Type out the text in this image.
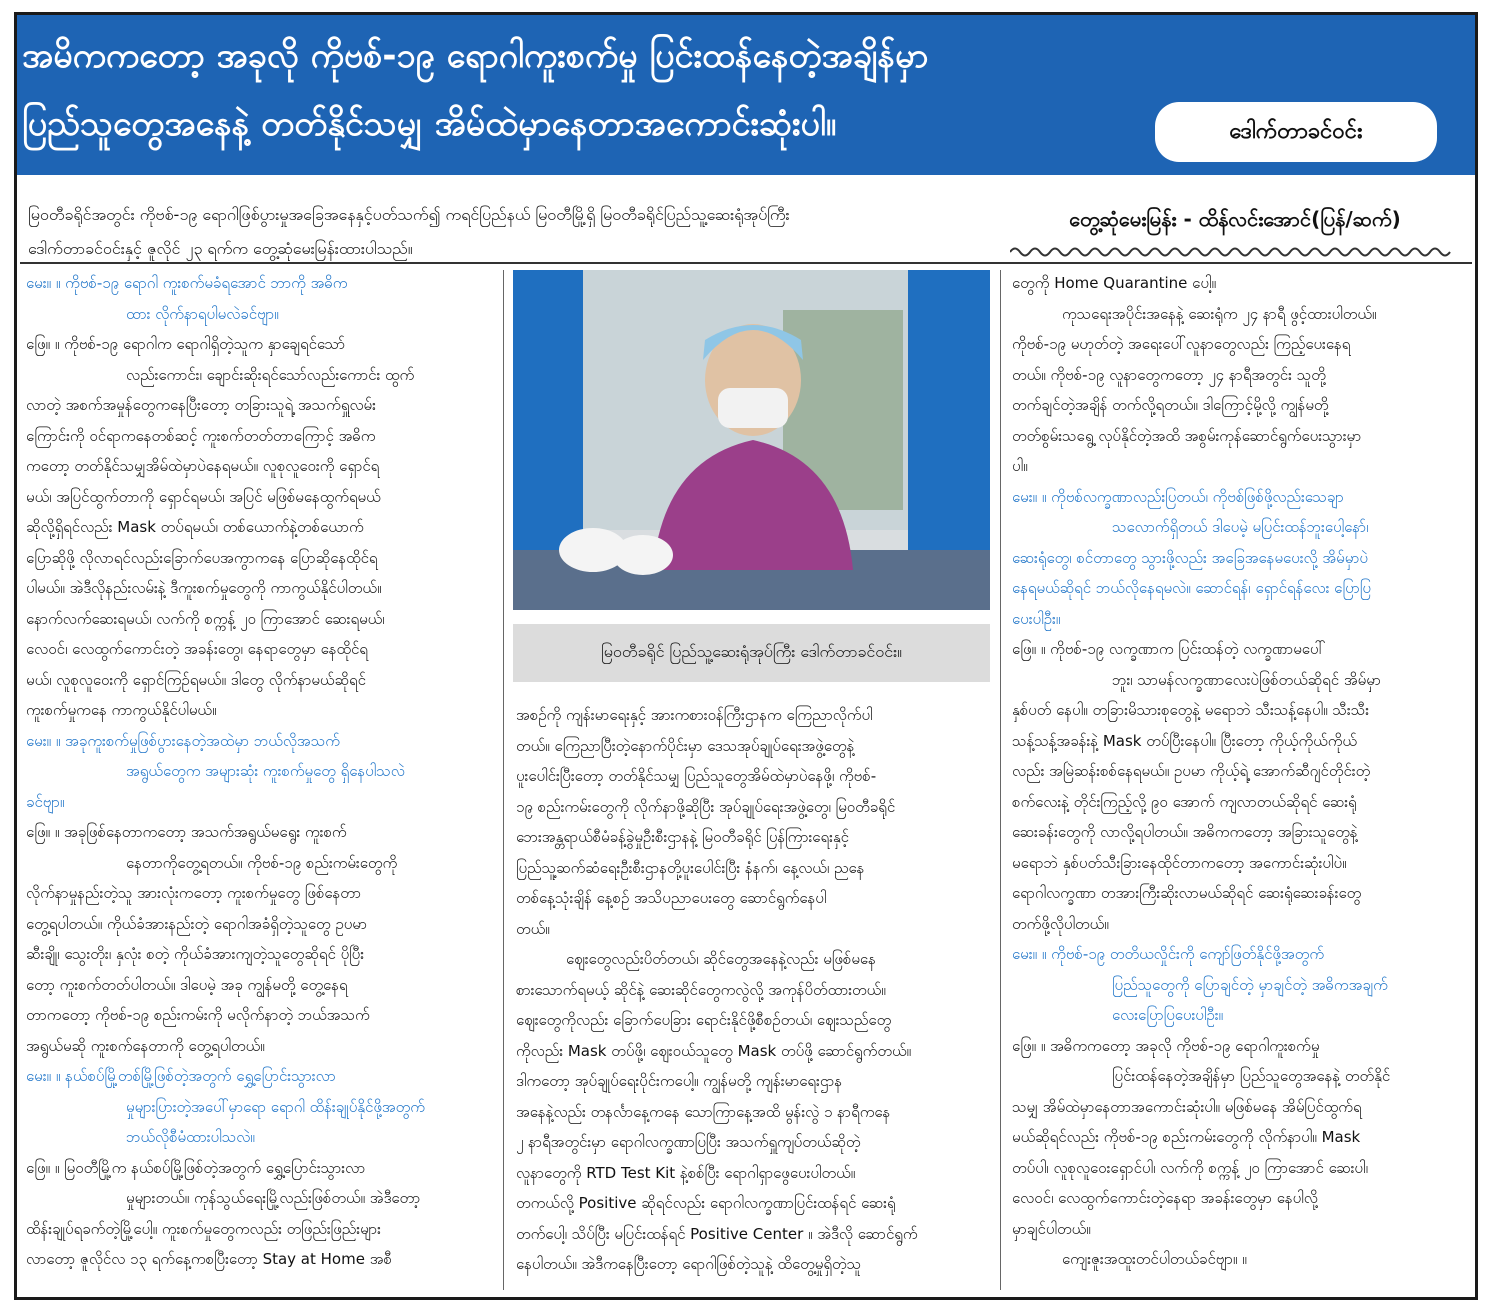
အမိကကတော့ အခုလို ကိုဗစ်-၁၉ ရောဂါကူးစက်မှု ပြင်းထန်နေတဲ့အချိန်မှာ
ပြည်သူတွေအနေနဲ့ တတ်နိုင်သမျှ အိမ်ထဲမှာနေတာအကောင်းဆုံးပါ။	ဒေါက်တာခင်ဝင်း
မြဝတီခရိုင်အတွင်း ကိုဗစ်-၁၉ ရောဂါဖြစ်ပွားမှုအခြေအနေနှင့်ပတ်သက်၍ ကရင်ပြည်နယ် မြဝတီမြို့ရှိ မြဝတီခရိုင်ပြည်သူ့ဆေးရုံအုပ်ကြီး
ဒေါက်တာခင်ဝင်းနှင့် ဇူလိုင် ၂၃ ရက်က တွေ့ဆုံမေးမြန်းထားပါသည်။
တွေ့ဆုံမေးမြန်း - ထိန်လင်းအောင်(ပြန်/ဆက်)

မေး။ ။ ကိုဗစ်-၁၉ ရောဂါ ကူးစက်မခံရအောင် ဘာကို အဓိက

ထား လိုက်နာရပါမလဲခင်ဗျာ။

ဖြေ။ ။ ကိုဗစ်-၁၉ ရောဂါက ရောဂါရှိတဲ့သူက နှာချေရင်သော်

လည်းကောင်း၊ ချောင်းဆိုးရင်သော်လည်းကောင်း ထွက်

လာတဲ့ အစက်အမှုန်တွေကနေပြီးတော့ တခြားသူရဲ့ အသက်ရှူလမ်း

ကြောင်းကို ဝင်ရာကနေတစ်ဆင့် ကူးစက်တတ်တာကြောင့် အဓိက

ကတော့ တတ်နိုင်သမျှအိမ်ထဲမှာပဲနေရမယ်။ လူစုလူဝေးကို ရှောင်ရ

မယ်၊ အပြင်ထွက်တာကို ရှောင်ရမယ်၊ အပြင် မဖြစ်မနေထွက်ရမယ်

ဆိုလို့ရှိရင်လည်း Mask တပ်ရမယ်၊ တစ်ယောက်နဲ့တစ်ယောက်

ပြောဆိုဖို့ လိုလာရင်လည်းခြောက်ပေအကွာကနေ ပြောဆိုနေထိုင်ရ

ပါမယ်။ အဲဒီလိုနည်းလမ်းနဲ့ ဒီကူးစက်မှုတွေကို ကာကွယ်နိုင်ပါတယ်။

နောက်လက်ဆေးရမယ်၊ လက်ကို စက္ကန့် ၂၀ ကြာအောင် ဆေးရမယ်၊

လေဝင်၊ လေထွက်ကောင်းတဲ့ အခန်းတွေ၊ နေရာတွေမှာ နေထိုင်ရ

မယ်၊ လူစုလူဝေးကို ရှောင်ကြဉ်ရမယ်။ ဒါတွေ လိုက်နာမယ်ဆိုရင်

ကူးစက်မှုကနေ ကာကွယ်နိုင်ပါမယ်။

မေး။ ။ အခုကူးစက်မှုဖြစ်ပွားနေတဲ့အထဲမှာ ဘယ်လိုအသက်

အရွယ်တွေက အများဆုံး ကူးစက်မှုတွေ ရှိနေပါသလဲ

ခင်ဗျာ။

ဖြေ။ ။ အခုဖြစ်နေတာကတော့ အသက်အရွယ်မရွေး ကူးစက်

နေတာကိုတွေ့ရတယ်။ ကိုဗစ်-၁၉ စည်းကမ်းတွေကို

လိုက်နာမှုနည်းတဲ့သူ အားလုံးကတော့ ကူးစက်မှုတွေ ဖြစ်နေတာ

တွေ့ရပါတယ်။ ကိုယ်ခံအားနည်းတဲ့ ရောဂါအခံရှိတဲ့သူတွေ ဥပမာ

ဆီးချို၊ သွေးတိုး၊ နှလုံး စတဲ့ ကိုယ်ခံအားကျတဲ့သူတွေဆိုရင် ပိုပြီး

တော့ ကူးစက်တတ်ပါတယ်။ ဒါပေမဲ့ အခု ကျွန်မတို့ တွေ့နေရ

တာကတော့ ကိုဗစ်-၁၉ စည်းကမ်းကို မလိုက်နာတဲ့ ဘယ်အသက်

အရွယ်မဆို ကူးစက်နေတာကို တွေ့ရပါတယ်။

မေး။ ။ နယ်စပ်မြို့တစ်မြို့ဖြစ်တဲ့အတွက် ရွှေ့ပြောင်းသွားလာ

မှုများပြားတဲ့အပေါ်မှာရော ရောဂါ ထိန်းချုပ်နိုင်ဖို့အတွက်

ဘယ်လိုစီမံထားပါသလဲ။

ဖြေ။ ။ မြဝတီမြို့က နယ်စပ်မြို့ဖြစ်တဲ့အတွက် ရွှေ့ပြောင်းသွားလာ

မှုများတယ်။ ကုန်သွယ်ရေးမြို့လည်းဖြစ်တယ်။ အဲဒီတော့

ထိန်းချုပ်ရခက်တဲ့မြို့ပေါ့။ ကူးစက်မှုတွေကလည်း တဖြည်းဖြည်းများ

လာတော့ ဇူလိုင်လ ၁၃ ရက်နေ့ကစပြီးတော့ Stay at Home အစီ

မြဝတီခရိုင် ပြည်သူ့ဆေးရုံအုပ်ကြီး ဒေါက်တာခင်ဝင်း။

အစဉ်ကို ကျန်းမာရေးနှင့် အားကစားဝန်ကြီးဌာနက ကြေညာလိုက်ပါ

တယ်။ ကြေညာပြီးတဲ့နောက်ပိုင်းမှာ ဒေသအုပ်ချုပ်ရေးအဖွဲ့တွေနဲ့

ပူးပေါင်းပြီးတော့ တတ်နိုင်သမျှ ပြည်သူတွေအိမ်ထဲမှာပဲနေဖို့၊ ကိုဗစ်-

၁၉ စည်းကမ်းတွေကို လိုက်နာဖို့ဆိုပြီး အုပ်ချုပ်ရေးအဖွဲ့တွေ၊ မြဝတီခရိုင်

ဘေးအန္တရာယ်စီမံခန့်ခွဲမှုဦးစီးဌာနနဲ့ မြဝတီခရိုင် ပြန်ကြားရေးနှင့်

ပြည်သူ့ဆက်ဆံရေးဦးစီးဌာနတို့ပူးပေါင်းပြီး နံနက်၊ နေ့လယ်၊ ညနေ

တစ်နေ့သုံးချိန် နေ့စဉ် အသိပညာပေးတွေ ဆောင်ရွက်နေပါ

တယ်။

ဈေးတွေလည်းပိတ်တယ်၊ ဆိုင်တွေအနေနဲ့လည်း မဖြစ်မနေ

စားသောက်ရမယ့် ဆိုင်နဲ့ ဆေးဆိုင်တွေကလွဲလို့ အကုန်ပိတ်ထားတယ်။

ဈေးတွေကိုလည်း ခြောက်ပေခြား ရောင်းနိုင်ဖို့စီစဉ်တယ်၊ ဈေးသည်တွေ

ကိုလည်း Mask တပ်ဖို့၊ ဈေးဝယ်သူတွေ Mask တပ်ဖို့ ဆောင်ရွက်တယ်။

ဒါကတော့ အုပ်ချုပ်ရေးပိုင်းကပေါ့။ ကျွန်မတို့ ကျန်းမာရေးဌာန

အနေနဲ့လည်း တနင်္လာနေ့ကနေ သောကြာနေ့အထိ မွန်းလွဲ ၁ နာရီကနေ

၂ နာရီအတွင်းမှာ ရောဂါလက္ခဏာပြပြီး အသက်ရှူကျပ်တယ်ဆိုတဲ့

လူနာတွေကို RTD Test Kit နဲ့စစ်ပြီး ရောဂါရှာဖွေပေးပါတယ်။

တကယ်လို့ Positive ဆိုရင်လည်း ရောဂါလက္ခဏာပြင်းထန်ရင် ဆေးရုံ

တက်ပေါ့၊ သိပ်ပြီး မပြင်းထန်ရင် Positive Center ။ အဲဒီလို ဆောင်ရွက်

နေပါတယ်။ အဲဒီကနေပြီးတော့ ရောဂါဖြစ်တဲ့သူနဲ့ ထိတွေ့မှုရှိတဲ့သူ

တွေကို Home Quarantine ပေါ့။

ကုသရေးအပိုင်းအနေနဲ့ ဆေးရုံက ၂၄ နာရီ ဖွင့်ထားပါတယ်။

ကိုဗစ်-၁၉ မဟုတ်တဲ့ အရေးပေါ်လူနာတွေလည်း ကြည့်ပေးနေရ

တယ်။ ကိုဗစ်-၁၉ လူနာတွေကတော့ ၂၄ နာရီအတွင်း သူတို့

တက်ချင်တဲ့အချိန် တက်လို့ရတယ်။ ဒါကြောင့်မို့လို့ ကျွန်မတို့

တတ်စွမ်းသရွေ့ လုပ်နိုင်တဲ့အထိ အစွမ်းကုန်ဆောင်ရွက်ပေးသွားမှာ

ပါ။

မေး။ ။ ကိုဗစ်လက္ခဏာလည်းပြတယ်၊ ကိုဗစ်ဖြစ်ဖို့လည်းသေချာ

သလောက်ရှိတယ် ဒါပေမဲ့ မပြင်းထန်ဘူးပေါ့နော်၊

ဆေးရုံတွေ၊ စင်တာတွေ သွားဖို့လည်း အခြေအနေမပေးလို့ အိမ်မှာပဲ

နေရမယ်ဆိုရင် ဘယ်လိုနေရမလဲ။ ဆောင်ရန်၊ ရှောင်ရန်လေး ပြောပြ

ပေးပါဦး။

ဖြေ။ ။ ကိုဗစ်-၁၉ လက္ခဏာက ပြင်းထန်တဲ့ လက္ခဏာမပေါ်

ဘူး၊ သာမန်လက္ခဏာလေးပဲဖြစ်တယ်ဆိုရင် အိမ်မှာ

နှစ်ပတ် နေပါ။ တခြားမိသားစုတွေနဲ့ မရောဘဲ သီးသန့်နေပါ။ သီးသီး

သန့်သန့်အခန်းနဲ့ Mask တပ်ပြီးနေပါ။ ပြီးတော့ ကိုယ့်ကိုယ်ကိုယ်

လည်း အမြဲဆန်းစစ်နေရမယ်။ ဥပမာ ကိုယ့်ရဲ့ အောက်ဆီဂျင်တိုင်းတဲ့

စက်လေးနဲ့ တိုင်းကြည့်လို့ ၉၀ အောက် ကျလာတယ်ဆိုရင် ဆေးရုံ

ဆေးခန်းတွေကို လာလို့ရပါတယ်။ အဓိကကတော့ အခြားသူတွေနဲ့

မရောဘဲ နှစ်ပတ်သီးခြားနေထိုင်တာကတော့ အကောင်းဆုံးပါပဲ။

ရောဂါလက္ခဏာ တအားကြီးဆိုးလာမယ်ဆိုရင် ဆေးရုံဆေးခန်းတွေ

တက်ဖို့လိုပါတယ်။

မေး။ ။ ကိုဗစ်-၁၉ တတိယလှိုင်းကို ကျော်ဖြတ်နိုင်ဖို့အတွက်

ပြည်သူတွေကို ပြောချင်တဲ့ မှာချင်တဲ့ အဓိကအချက်

လေးပြောပြပေးပါဦး။

ဖြေ။ ။ အဓိကကတော့ အခုလို ကိုဗစ်-၁၉ ရောဂါကူးစက်မှု

ပြင်းထန်နေတဲ့အချိန်မှာ ပြည်သူတွေအနေနဲ့ တတ်နိုင်

သမျှ အိမ်ထဲမှာနေတာအကောင်းဆုံးပါ။ မဖြစ်မနေ အိမ်ပြင်ထွက်ရ

မယ်ဆိုရင်လည်း ကိုဗစ်-၁၉ စည်းကမ်းတွေကို လိုက်နာပါ။ Mask

တပ်ပါ၊ လူစုလူဝေးရှောင်ပါ၊ လက်ကို စက္ကန့် ၂၀ ကြာအောင် ဆေးပါ၊

လေဝင်၊ လေထွက်ကောင်းတဲ့နေရာ အခန်းတွေမှာ နေပါလို့

မှာချင်ပါတယ်။

ကျေးဇူးအထူးတင်ပါတယ်ခင်ဗျာ။ ။
